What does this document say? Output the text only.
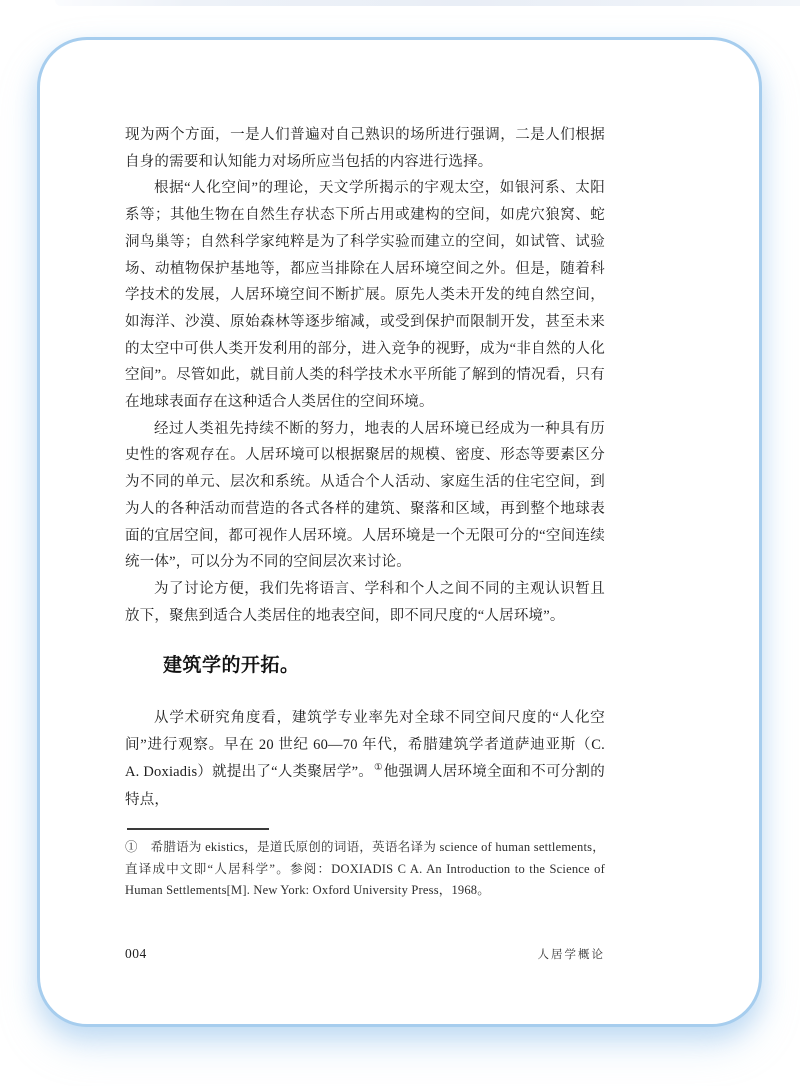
现为两个方面，一是人们普遍对自己熟识的场所进行强调，二是人们根据自身的需要和认知能力对场所应当包括的内容进行选择。

根据“人化空间”的理论，天文学所揭示的宇观太空，如银河系、太阳系等；其他生物在自然生存状态下所占用或建构的空间，如虎穴狼窝、蛇洞鸟巢等；自然科学家纯粹是为了科学实验而建立的空间，如试管、试验场、动植物保护基地等，都应当排除在人居环境空间之外。但是，随着科学技术的发展，人居环境空间不断扩展。原先人类未开发的纯自然空间，如海洋、沙漠、原始森林等逐步缩减，或受到保护而限制开发，甚至未来的太空中可供人类开发利用的部分，进入竞争的视野，成为“非自然的人化空间”。尽管如此，就目前人类的科学技术水平所能了解到的情况看，只有在地球表面存在这种适合人类居住的空间环境。

经过人类祖先持续不断的努力，地表的人居环境已经成为一种具有历史性的客观存在。人居环境可以根据聚居的规模、密度、形态等要素区分为不同的单元、层次和系统。从适合个人活动、家庭生活的住宅空间，到为人的各种活动而营造的各式各样的建筑、聚落和区域，再到整个地球表面的宜居空间，都可视作人居环境。人居环境是一个无限可分的“空间连续统一体”，可以分为不同的空间层次来讨论。

为了讨论方便，我们先将语言、学科和个人之间不同的主观认识暂且放下，聚焦到适合人类居住的地表空间，即不同尺度的“人居环境”。

建筑学的开拓。

从学术研究角度看，建筑学专业率先对全球不同空间尺度的“人化空间”进行观察。早在 20 世纪 60—70 年代，希腊建筑学者道萨迪亚斯（C. A. Doxiadis）就提出了“人类聚居学”。①他强调人居环境全面和不可分割的特点，

①　希腊语为 ekistics，是道氏原创的词语，英语名译为 science of human settlements，直译成中文即“人居科学”。参阅：DOXIADIS C A. An Introduction to the Science of Human Settlements[M]. New York: Oxford University Press，1968。

004	人居学概论
